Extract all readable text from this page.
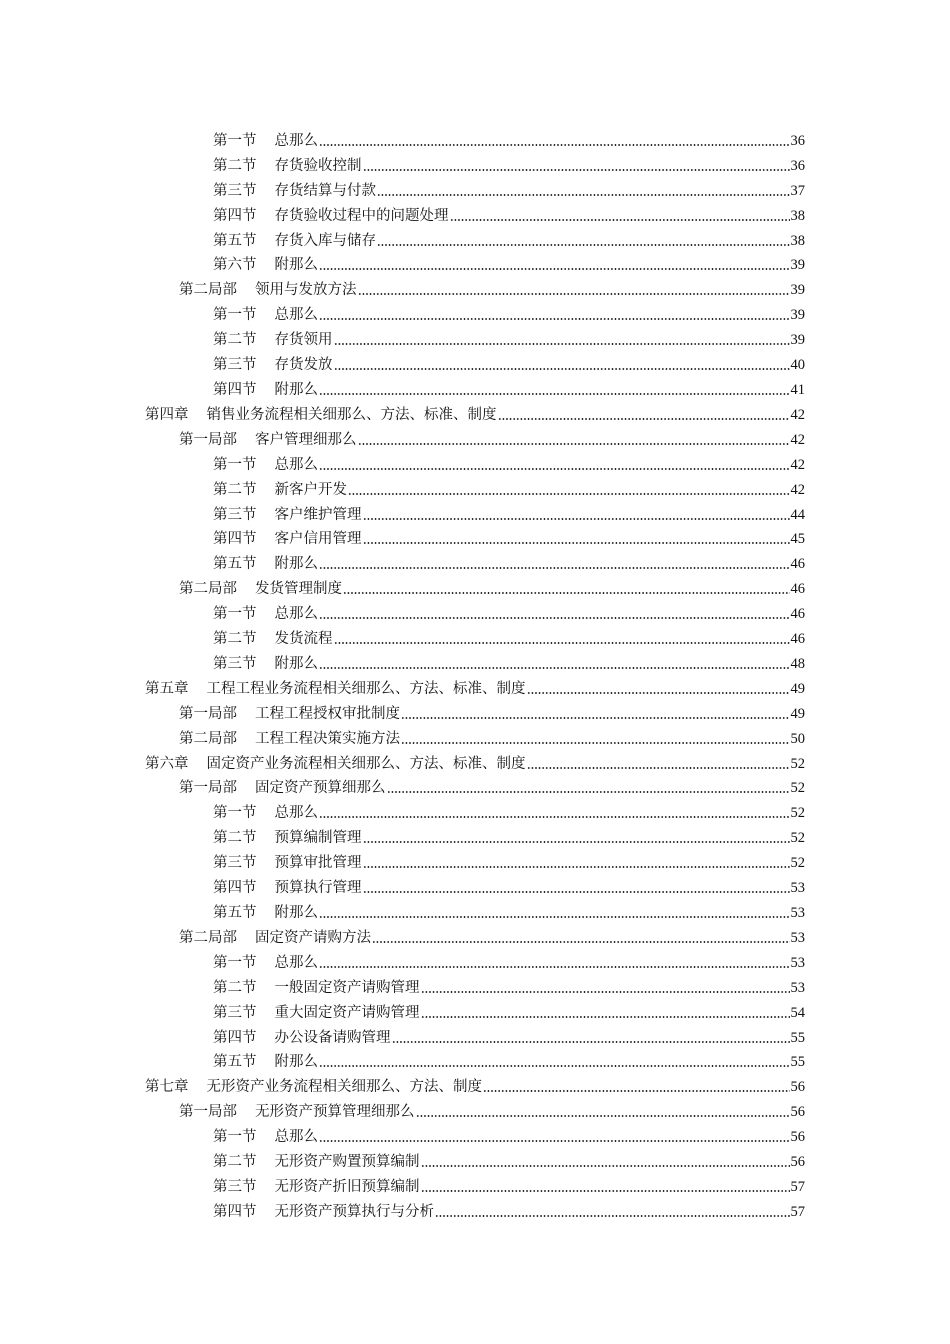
第一节 总那么	36
第二节 存货验收控制	36
第三节 存货结算与付款	37
第四节 存货验收过程中的问题处理	38
第五节 存货入库与储存	38
第六节 附那么	39
第二局部 领用与发放方法	39
第一节 总那么	39
第二节 存货领用	39
第三节 存货发放	40
第四节 附那么	41
第四章 销售业务流程相关细那么、方法、标准、制度	42
第一局部 客户管理细那么	42
第一节 总那么	42
第二节 新客户开发	42
第三节 客户维护管理	44
第四节 客户信用管理	45
第五节 附那么	46
第二局部 发货管理制度	46
第一节 总那么	46
第二节 发货流程	46
第三节 附那么	48
第五章 工程工程业务流程相关细那么、方法、标准、制度	49
第一局部 工程工程授权审批制度	49
第二局部 工程工程决策实施方法	50
第六章 固定资产业务流程相关细那么、方法、标准、制度	52
第一局部 固定资产预算细那么	52
第一节 总那么	52
第二节 预算编制管理	52
第三节 预算审批管理	52
第四节 预算执行管理	53
第五节 附那么	53
第二局部 固定资产请购方法	53
第一节 总那么	53
第二节 一般固定资产请购管理	53
第三节 重大固定资产请购管理	54
第四节 办公设备请购管理	55
第五节 附那么	55
第七章 无形资产业务流程相关细那么、方法、制度	56
第一局部 无形资产预算管理细那么	56
第一节 总那么	56
第二节 无形资产购置预算编制	56
第三节 无形资产折旧预算编制	57
第四节 无形资产预算执行与分析	57
